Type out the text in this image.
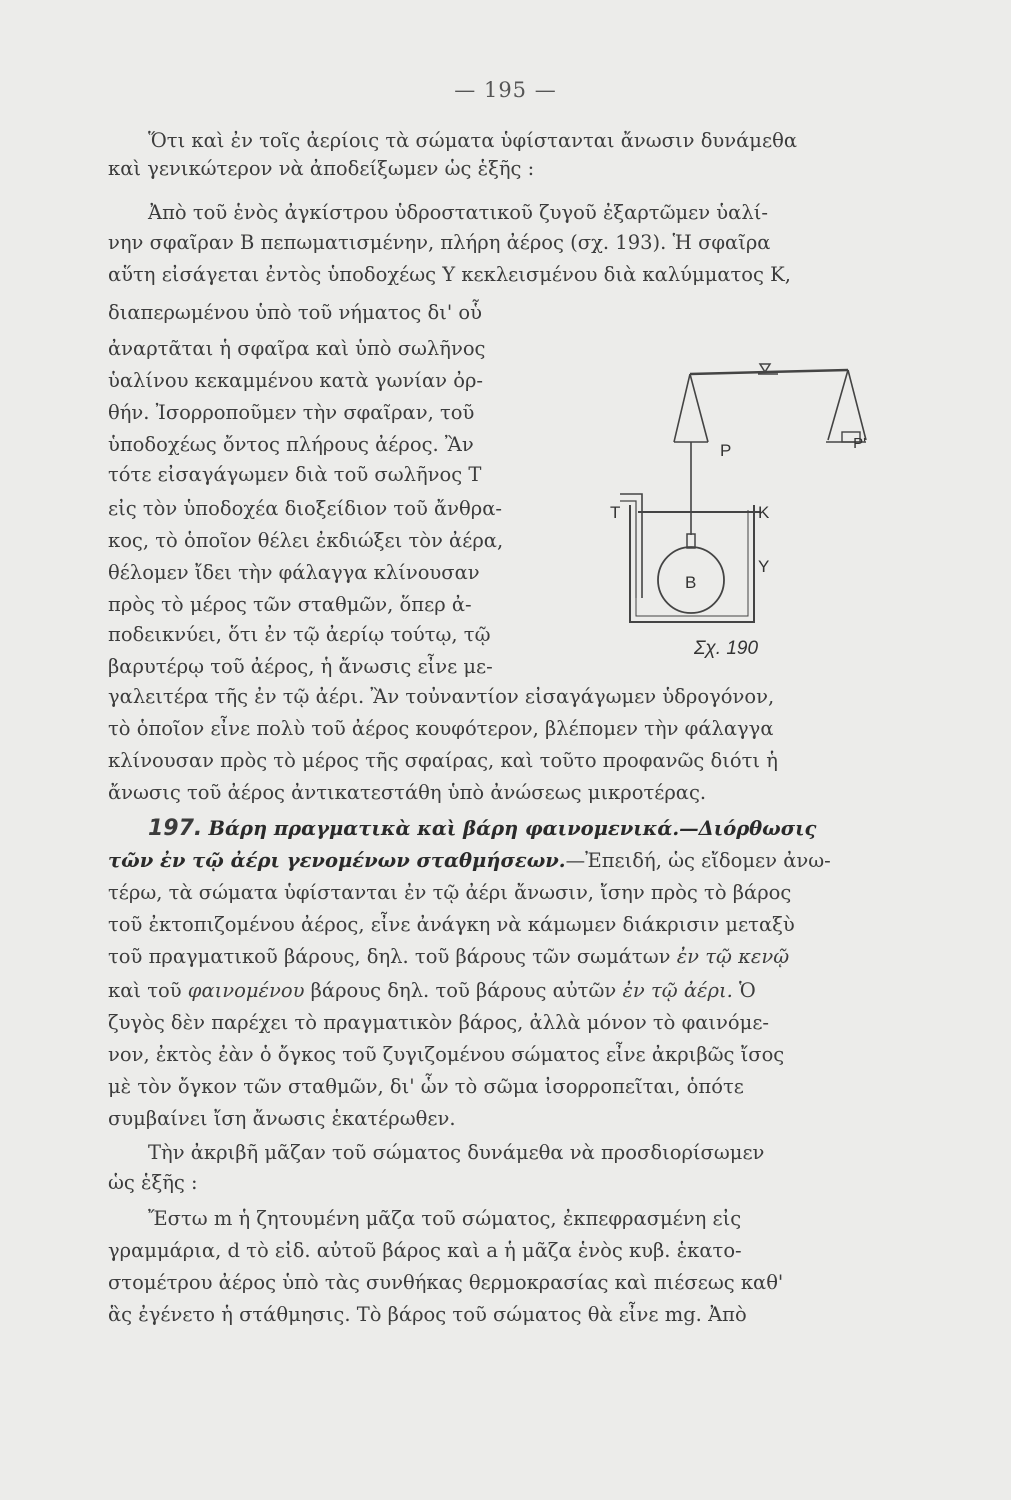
— 195 —
Ὅτι καὶ ἐν τοῖς ἀερίοις τὰ σώματα ὑφίστανται ἄνωσιν δυνάμεθα
καὶ γενικώτερον νὰ ἀποδείξωμεν ὡς ἑξῆς :
Ἀπὸ τοῦ ἑνὸς ἀγκίστρου ὑδροστατικοῦ ζυγοῦ ἐξαρτῶμεν ὑαλί-
νην σφαῖραν Β πεπωματισμένην, πλήρη ἀέρος (σχ. 193). Ἡ σφαῖρα
αὕτη εἰσάγεται ἐντὸς ὑποδοχέως Υ κεκλεισμένου διὰ καλύμματος Κ,
διαπερωμένου ὑπὸ τοῦ νήματος δι' οὗ
ἀναρτᾶται ἡ σφαῖρα καὶ ὑπὸ σωλῆνος
ὑαλίνου κεκαμμένου κατὰ γωνίαν ὀρ-
θήν. Ἰσορροποῦμεν τὴν σφαῖραν, τοῦ
ὑποδοχέως ὄντος πλήρους ἀέρος. Ἂν
τότε εἰσαγάγωμεν διὰ τοῦ σωλῆνος Τ
εἰς τὸν ὑποδοχέα διοξείδιον τοῦ ἄνθρα-
κος, τὸ ὁποῖον θέλει ἐκδιώξει τὸν ἀέρα,
θέλομεν ἴδει τὴν φάλαγγα κλίνουσαν
πρὸς τὸ μέρος τῶν σταθμῶν, ὅπερ ἀ-
ποδεικνύει, ὅτι ἐν τῷ ἀερίῳ τούτῳ, τῷ
βαρυτέρῳ τοῦ ἀέρος, ἡ ἄνωσις εἶνε με-
P	P'
T	K
B
Y
Σχ. 190
γαλειτέρα τῆς ἐν τῷ ἀέρι. Ἂν τοὐναντίον εἰσαγάγωμεν ὑδρογόνον,
τὸ ὁποῖον εἶνε πολὺ τοῦ ἀέρος κουφότερον, βλέπομεν τὴν φάλαγγα
κλίνουσαν πρὸς τὸ μέρος τῆς σφαίρας, καὶ τοῦτο προφανῶς διότι ἡ
ἄνωσις τοῦ ἀέρος ἀντικατεστάθη ὑπὸ ἀνώσεως μικροτέρας.
197. Βάρη πραγματικὰ καὶ βάρη φαινομενικά.—Διόρθωσις
τῶν ἐν τῷ ἀέρι γενομένων σταθμήσεων.—Ἐπειδή, ὡς εἴδομεν ἀνω-
τέρω, τὰ σώματα ὑφίστανται ἐν τῷ ἀέρι ἄνωσιν, ἴσην πρὸς τὸ βάρος
τοῦ ἐκτοπιζομένου ἀέρος, εἶνε ἀνάγκη νὰ κάμωμεν διάκρισιν μεταξὺ
τοῦ πραγματικοῦ βάρους, δηλ. τοῦ βάρους τῶν σωμάτων ἐν τῷ κενῷ
καὶ τοῦ φαινομένου βάρους δηλ. τοῦ βάρους αὐτῶν ἐν τῷ ἀέρι. Ὁ
ζυγὸς δὲν παρέχει τὸ πραγματικὸν βάρος, ἀλλὰ μόνον τὸ φαινόμε-
νον, ἐκτὸς ἐὰν ὁ ὄγκος τοῦ ζυγιζομένου σώματος εἶνε ἀκριβῶς ἴσος
μὲ τὸν ὄγκον τῶν σταθμῶν, δι' ὧν τὸ σῶμα ἰσορροπεῖται, ὁπότε
συμβαίνει ἴση ἄνωσις ἑκατέρωθεν.
Τὴν ἀκριβῆ μᾶζαν τοῦ σώματος δυνάμεθα νὰ προσδιορίσωμεν
ὡς ἑξῆς :
Ἔστω m ἡ ζητουμένη μᾶζα τοῦ σώματος, ἐκπεφρασμένη εἰς
γραμμάρια, d τὸ εἰδ. αὐτοῦ βάρος καὶ a ἡ μᾶζα ἑνὸς κυβ. ἑκατο-
στομέτρου ἀέρος ὑπὸ τὰς συνθήκας θερμοκρασίας καὶ πιέσεως καθ'
ἃς ἐγένετο ἡ στάθμησις. Τὸ βάρος τοῦ σώματος θὰ εἶνε mg. Ἀπὸ
